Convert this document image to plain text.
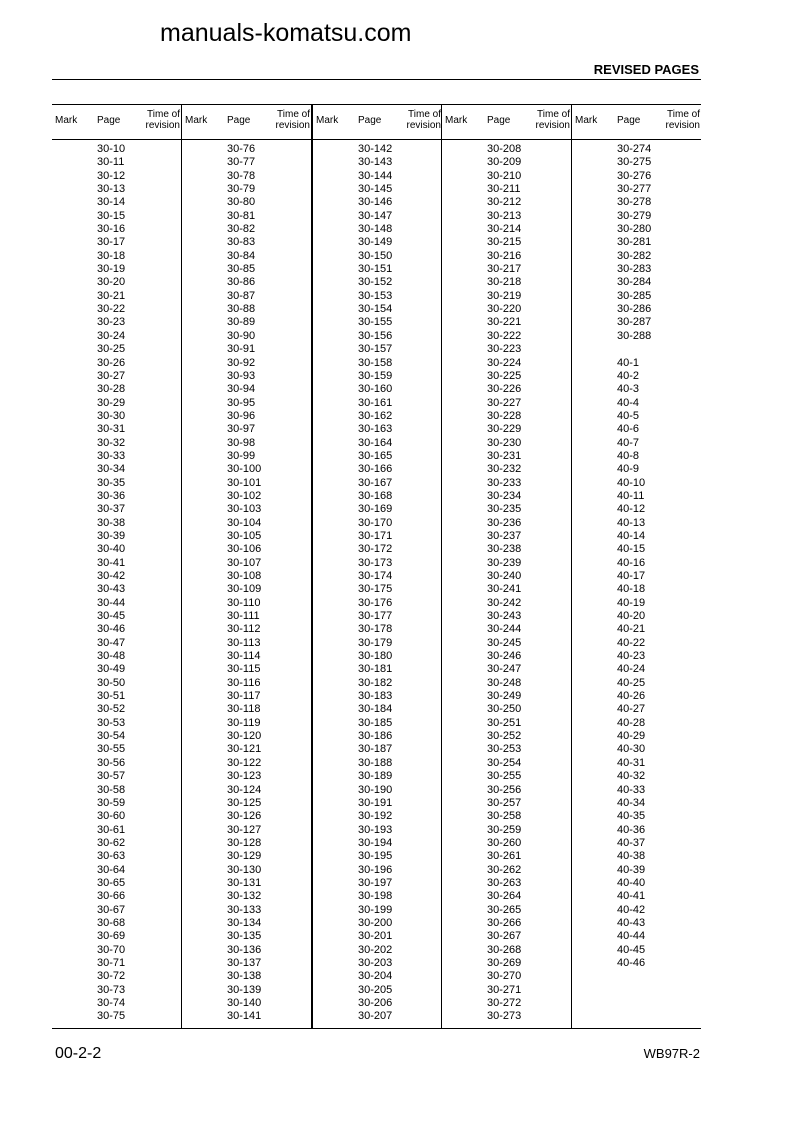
REVISED PAGES
Mark Page
Time of revision
30-10
30-11
30-12
30-13
30-14
30-15
30-16
30-17
30-18
30-19
30-20
30-21
30-22
30-23
30-24
30-25
30-26
30-27
30-28
30-29
30-30
30-31
30-32
30-33
30-34
30-35
30-36
30-37
30-38
30-39
30-40
30-41
30-42
30-43
30-44
30-45
30-46
30-47
30-48
30-49
30-50
30-51
30-52
30-53
30-54
30-55
30-56
30-57
30-58
30-59
30-60
30-61
30-62
30-63
30-64
30-65
30-66
30-67
30-68
30-69
30-70
30-71
30-72
30-73
30-74
30-75
Mark Page
Time of revision
30-76
30-77
30-78
30-79
30-80
30-81
30-82
30-83
30-84
30-85
30-86
30-87
30-88
30-89
30-90
30-91
30-92
30-93
30-94
30-95
30-96
30-97
30-98
30-99
30-100
30-101
30-102
30-103
30-104
30-105
30-106
30-107
30-108
30-109
30-110
30-111
30-112
30-113
30-114
30-115
30-116
30-117
30-118
30-119
30-120
30-121
30-122
30-123
30-124
30-125
30-126
30-127
30-128
30-129
30-130
30-131
30-132
30-133
30-134
30-135
30-136
30-137
30-138
30-139
30-140
30-141
Mark Page
Time of revision
30-142
30-143
30-144
30-145
30-146
30-147
30-148
30-149
30-150
30-151
30-152
30-153
30-154
30-155
30-156
30-157
30-158
30-159
30-160
30-161
30-162
30-163
30-164
30-165
30-166
30-167
30-168
30-169
30-170
30-171
30-172
30-173
30-174
30-175
30-176
30-177
30-178
30-179
30-180
30-181
30-182
30-183
30-184
30-185
30-186
30-187
30-188
30-189
30-190
30-191
30-192
30-193
30-194
30-195
30-196
30-197
30-198
30-199
30-200
30-201
30-202
30-203
30-204
30-205
30-206
30-207
Mark Page
Time of revision
30-208
30-209
30-210
30-211
30-212
30-213
30-214
30-215
30-216
30-217
30-218
30-219
30-220
30-221
30-222
30-223
30-224
30-225
30-226
30-227
30-228
30-229
30-230
30-231
30-232
30-233
30-234
30-235
30-236
30-237
30-238
30-239
30-240
30-241
30-242
30-243
30-244
30-245
30-246
30-247
30-248
30-249
30-250
30-251
30-252
30-253
30-254
30-255
30-256
30-257
30-258
30-259
30-260
30-261
30-262
30-263
30-264
30-265
30-266
30-267
30-268
30-269
30-270
30-271
30-272
30-273
Mark Page
Time of revision
30-274
30-275
30-276
30-277
30-278
30-279
30-280
30-281
30-282
30-283
30-284
30-285
30-286
30-287
30-288
40-1
40-2
40-3
40-4
40-5
40-6
40-7
40-8
40-9
40-10
40-11
40-12
40-13
40-14
40-15
40-16
40-17
40-18
40-19
40-20
40-21
40-22
40-23
40-24
40-25
40-26
40-27
40-28
40-29
40-30
40-31
40-32
40-33
40-34
40-35
40-36
40-37
40-38
40-39
40-40
40-41
40-42
40-43
40-44
40-45
40-46
manuals-komatsu.com
00-2-2	WB97R-2
